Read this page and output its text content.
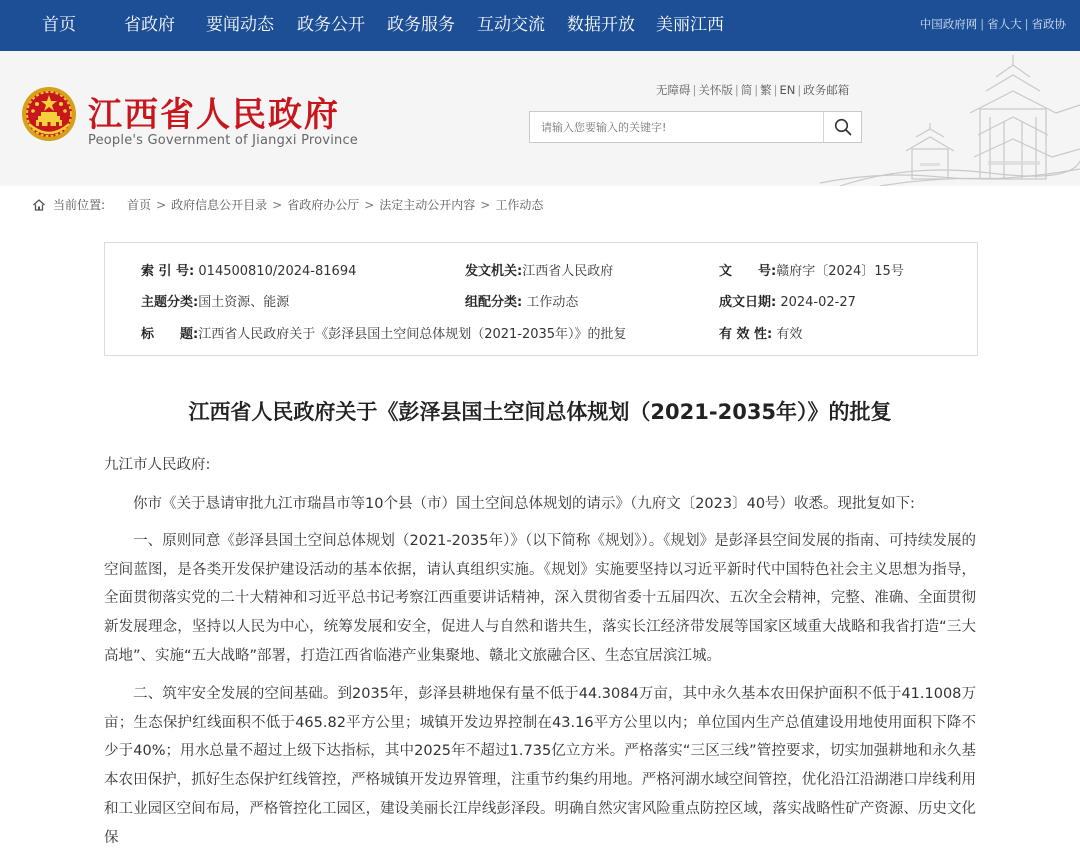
首页	省政府 要闻动态 政务公开 政务服务 互动交流 数据开放 美丽江西	中国政府网 | 省人大 | 省政协
江西省人民政府
People's Government of Jiangxi Province
无障碍 | 关怀版 | 简 | 繁 | EN | 政务邮箱
请输入您要输入的关键字!
当前位置: 首页 > 政府信息公开目录 > 省政府办公厅 > 法定主动公开内容 > 工作动态
索 引 号: 014500810/2024-81694	发文机关:江西省人民政府	文　　号:赣府字〔2024〕15号
主题分类:国土资源、能源	组配分类: 工作动态	成文日期: 2024-02-27
标　　题:江西省人民政府关于《彭泽县国土空间总体规划（2021-2035年）》的批复	有 效 性: 有效
江西省人民政府关于《彭泽县国土空间总体规划（2021-2035年）》的批复
九江市人民政府:

　　你市《关于恳请审批九江市瑞昌市等10个县（市）国土空间总体规划的请示》（九府文〔2023〕40号）收悉。现批复如下:

　　一、原则同意《彭泽县国土空间总体规划（2021-2035年）》（以下简称《规划》）。《规划》是彭泽县空间发展的指南、可持续发展的空间蓝图，是各类开发保护建设活动的基本依据，请认真组织实施。《规划》实施要坚持以习近平新时代中国特色社会主义思想为指导，全面贯彻落实党的二十大精神和习近平总书记考察江西重要讲话精神，深入贯彻省委十五届四次、五次全会精神，完整、准确、全面贯彻新发展理念，坚持以人民为中心，统筹发展和安全，促进人与自然和谐共生，落实长江经济带发展等国家区域重大战略和我省打造“三大高地”、实施“五大战略”部署，打造江西省临港产业集聚地、赣北文旅融合区、生态宜居滨江城。

　　二、筑牢安全发展的空间基础。到2035年，彭泽县耕地保有量不低于44.3084万亩，其中永久基本农田保护面积不低于41.1008万亩；生态保护红线面积不低于465.82平方公里；城镇开发边界控制在43.16平方公里以内；单位国内生产总值建设用地使用面积下降不少于40%；用水总量不超过上级下达指标，其中2025年不超过1.735亿立方米。严格落实“三区三线”管控要求，切实加强耕地和永久基本农田保护，抓好生态保护红线管控，严格城镇开发边界管理，注重节约集约用地。严格河湖水域空间管控，优化沿江沿湖港口岸线利用和工业园区空间布局，严格管控化工园区，建设美丽长江岸线彭泽段。明确自然灾害风险重点防控区域，落实战略性矿产资源、历史文化保
